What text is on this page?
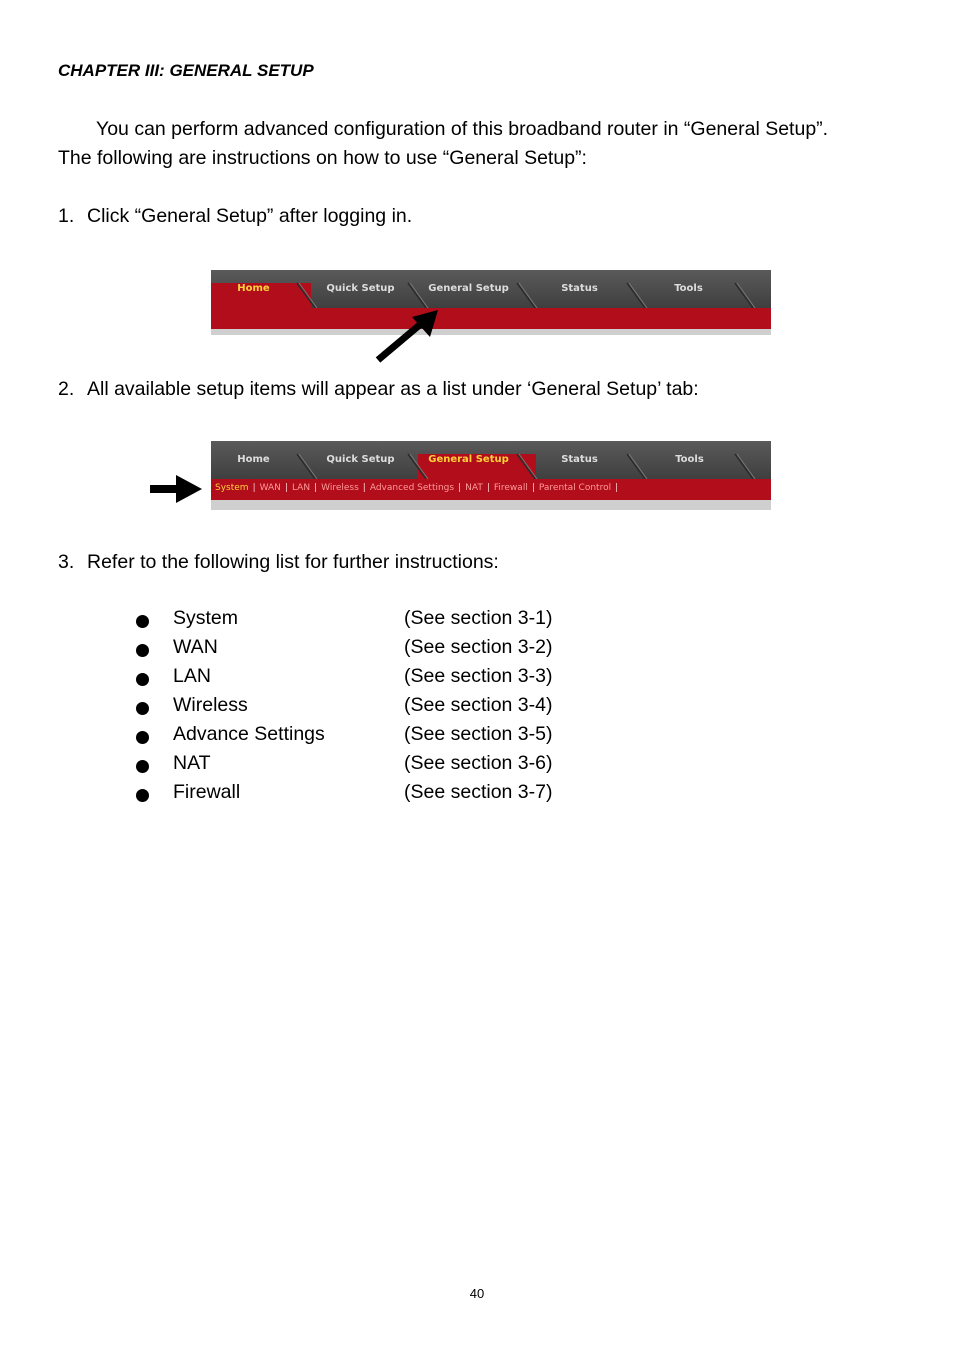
CHAPTER III: GENERAL SETUP
You can perform advanced configuration of this broadband router in “General Setup”.
The following are instructions on how to use “General Setup”:
1. Click “General Setup” after logging in.
Home	Quick Setup	General Setup	Status	Tools
2. All available setup items will appear as a list under ‘General Setup’ tab:
Home	Quick Setup	General Setup	Status	Tools
System | WAN | LAN | Wireless | Advanced Settings | NAT | Firewall | Parental Control |
3. Refer to the following list for further instructions:
System	(See section 3-1)
WAN	(See section 3-2)
LAN	(See section 3-3)
Wireless	(See section 3-4)
Advance Settings	(See section 3-5)
NAT	(See section 3-6)
Firewall	(See section 3-7)
40
